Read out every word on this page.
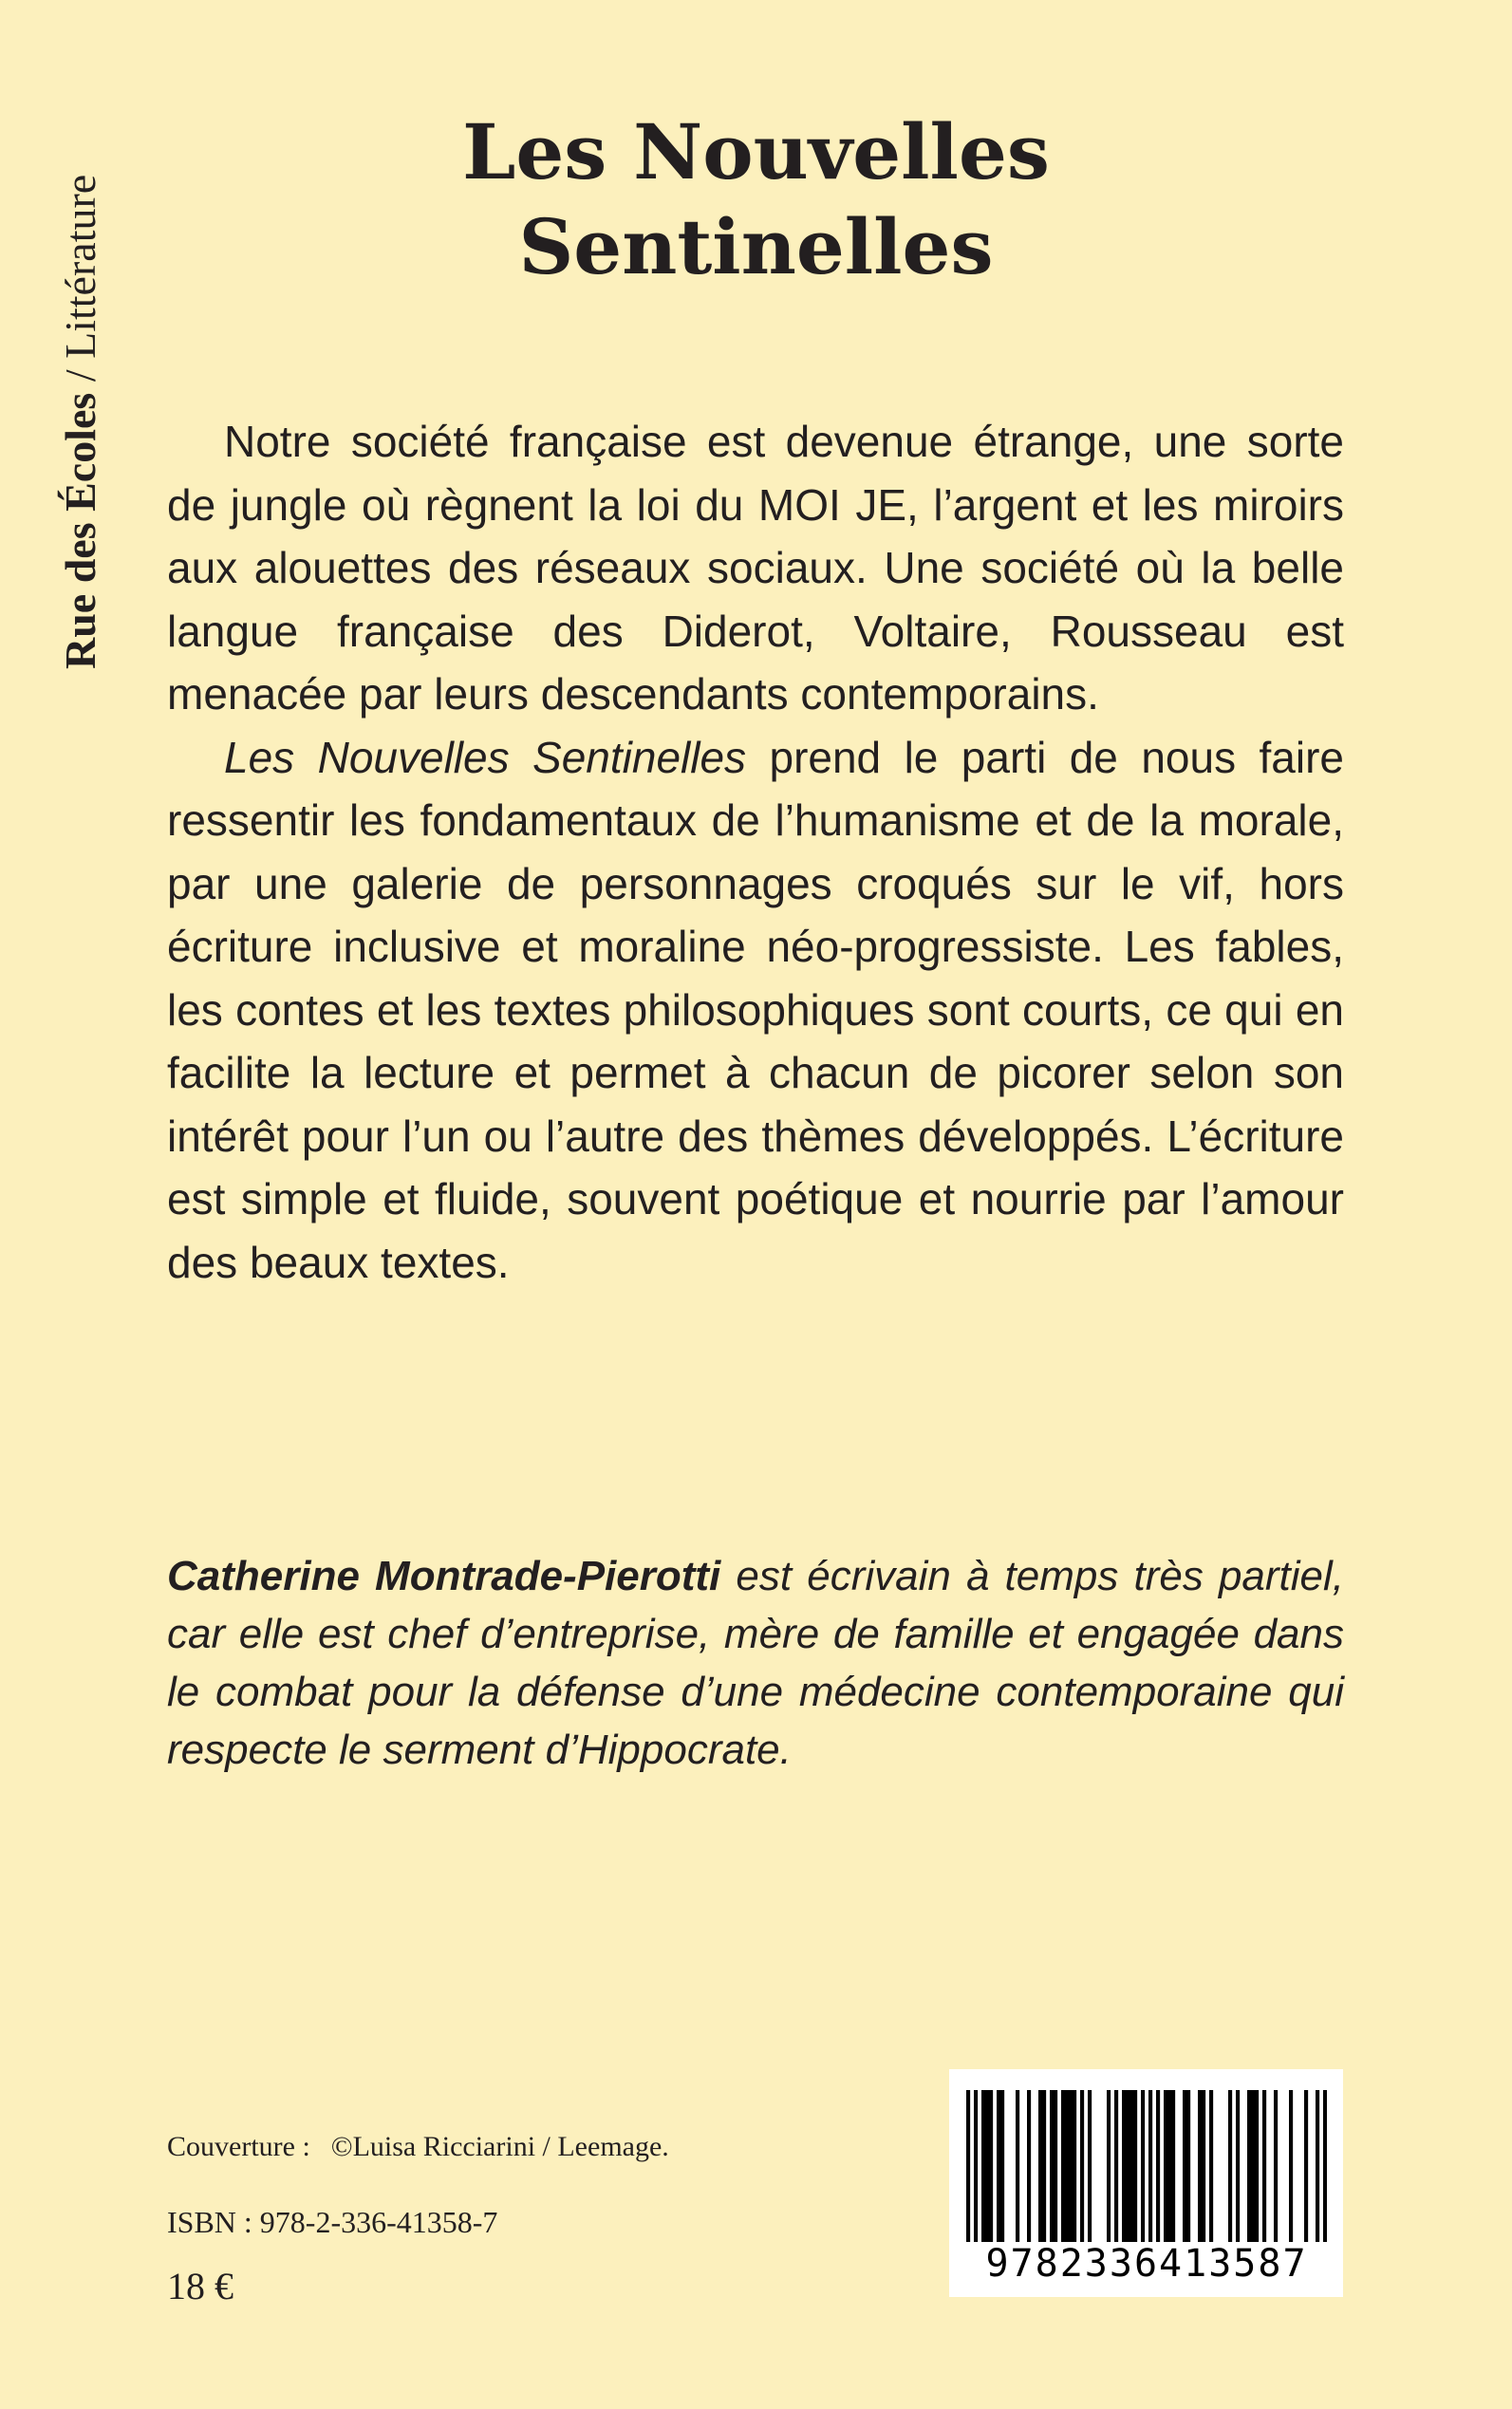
Rue des Écoles / Littérature
Les Nouvelles
Sentinelles

Notre société française est devenue étrange, une sorte de jungle où règnent la loi du MOI JE, l’argent et les miroirs aux alouettes des réseaux sociaux. Une société où la belle langue française des Diderot, Voltaire, Rousseau est menacée par leurs descendants contemporains.

Les Nouvelles Sentinelles prend le parti de nous faire ressentir les fondamentaux de l’humanisme et de la morale, par une galerie de personnages croqués sur le vif, hors écriture inclusive et moraline néo-progressiste. Les fables, les contes et les textes philosophiques sont courts, ce qui en facilite la lecture et permet à chacun de picorer selon son intérêt pour l’un ou l’autre des thèmes développés. L’écriture est simple et fluide, souvent poétique et nourrie par l’amour des beaux textes.

Catherine Montrade-Pierotti est écrivain à temps très partiel, car elle est chef d’entreprise, mère de famille et engagée dans le combat pour la défense d’une médecine contemporaine qui respecte le serment d’Hippocrate.
Couverture : ©Luisa Ricciarini / Leemage.
ISBN : 978-2-336-41358-7
18 €
9782336413587
